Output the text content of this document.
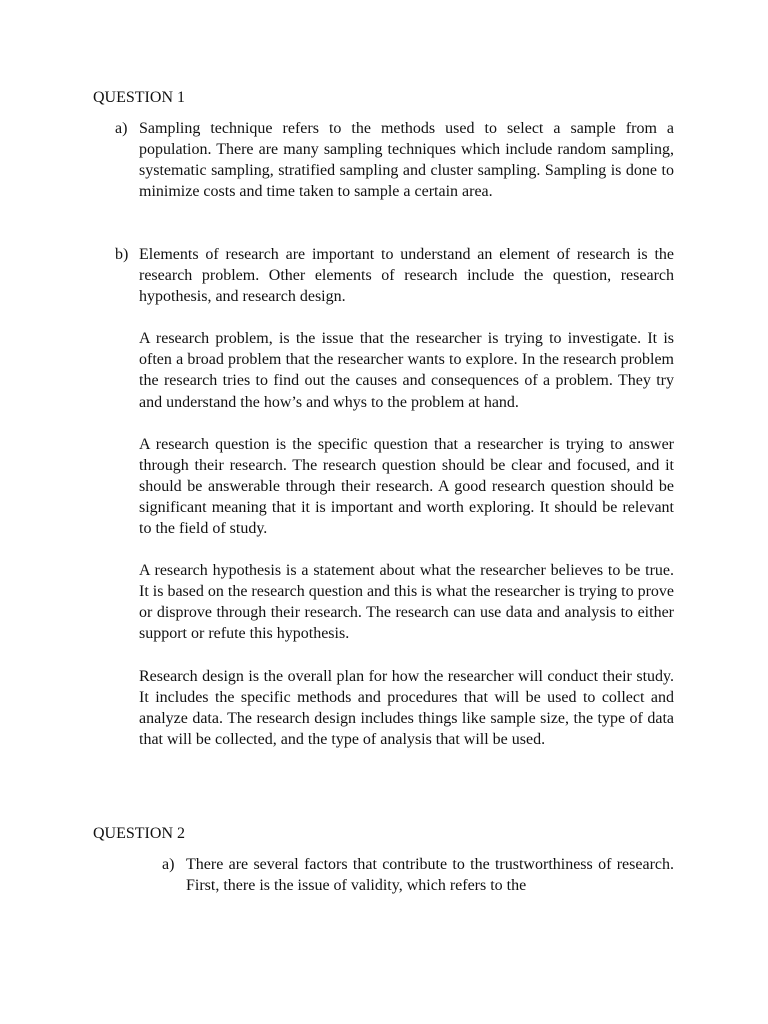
QUESTION 1
a) Sampling technique refers to the methods used to select a sample from a population. There are many sampling techniques which include random sampling, systematic sampling, stratified sampling and cluster sampling. Sampling is done to minimize costs and time taken to sample a certain area.

b) Elements of research are important to understand an element of research is the research problem. Other elements of research include the question, research hypothesis, and research design.

A research problem, is the issue that the researcher is trying to investigate. It is often a broad problem that the researcher wants to explore. In the research problem the research tries to find out the causes and consequences of a problem. They try and understand the how’s and whys to the problem at hand.

A research question is the specific question that a researcher is trying to answer through their research. The research question should be clear and focused, and it should be answerable through their research. A good research question should be significant meaning that it is important and worth exploring. It should be relevant to the field of study.

A research hypothesis is a statement about what the researcher believes to be true. It is based on the research question and this is what the researcher is trying to prove or disprove through their research. The research can use data and analysis to either support or refute this hypothesis.

Research design is the overall plan for how the researcher will conduct their study. It includes the specific methods and procedures that will be used to collect and analyze data. The research design includes things like sample size, the type of data that will be collected, and the type of analysis that will be used.

QUESTION 2
a) There are several factors that contribute to the trustworthiness of research. First, there is the issue of validity, which refers to the
